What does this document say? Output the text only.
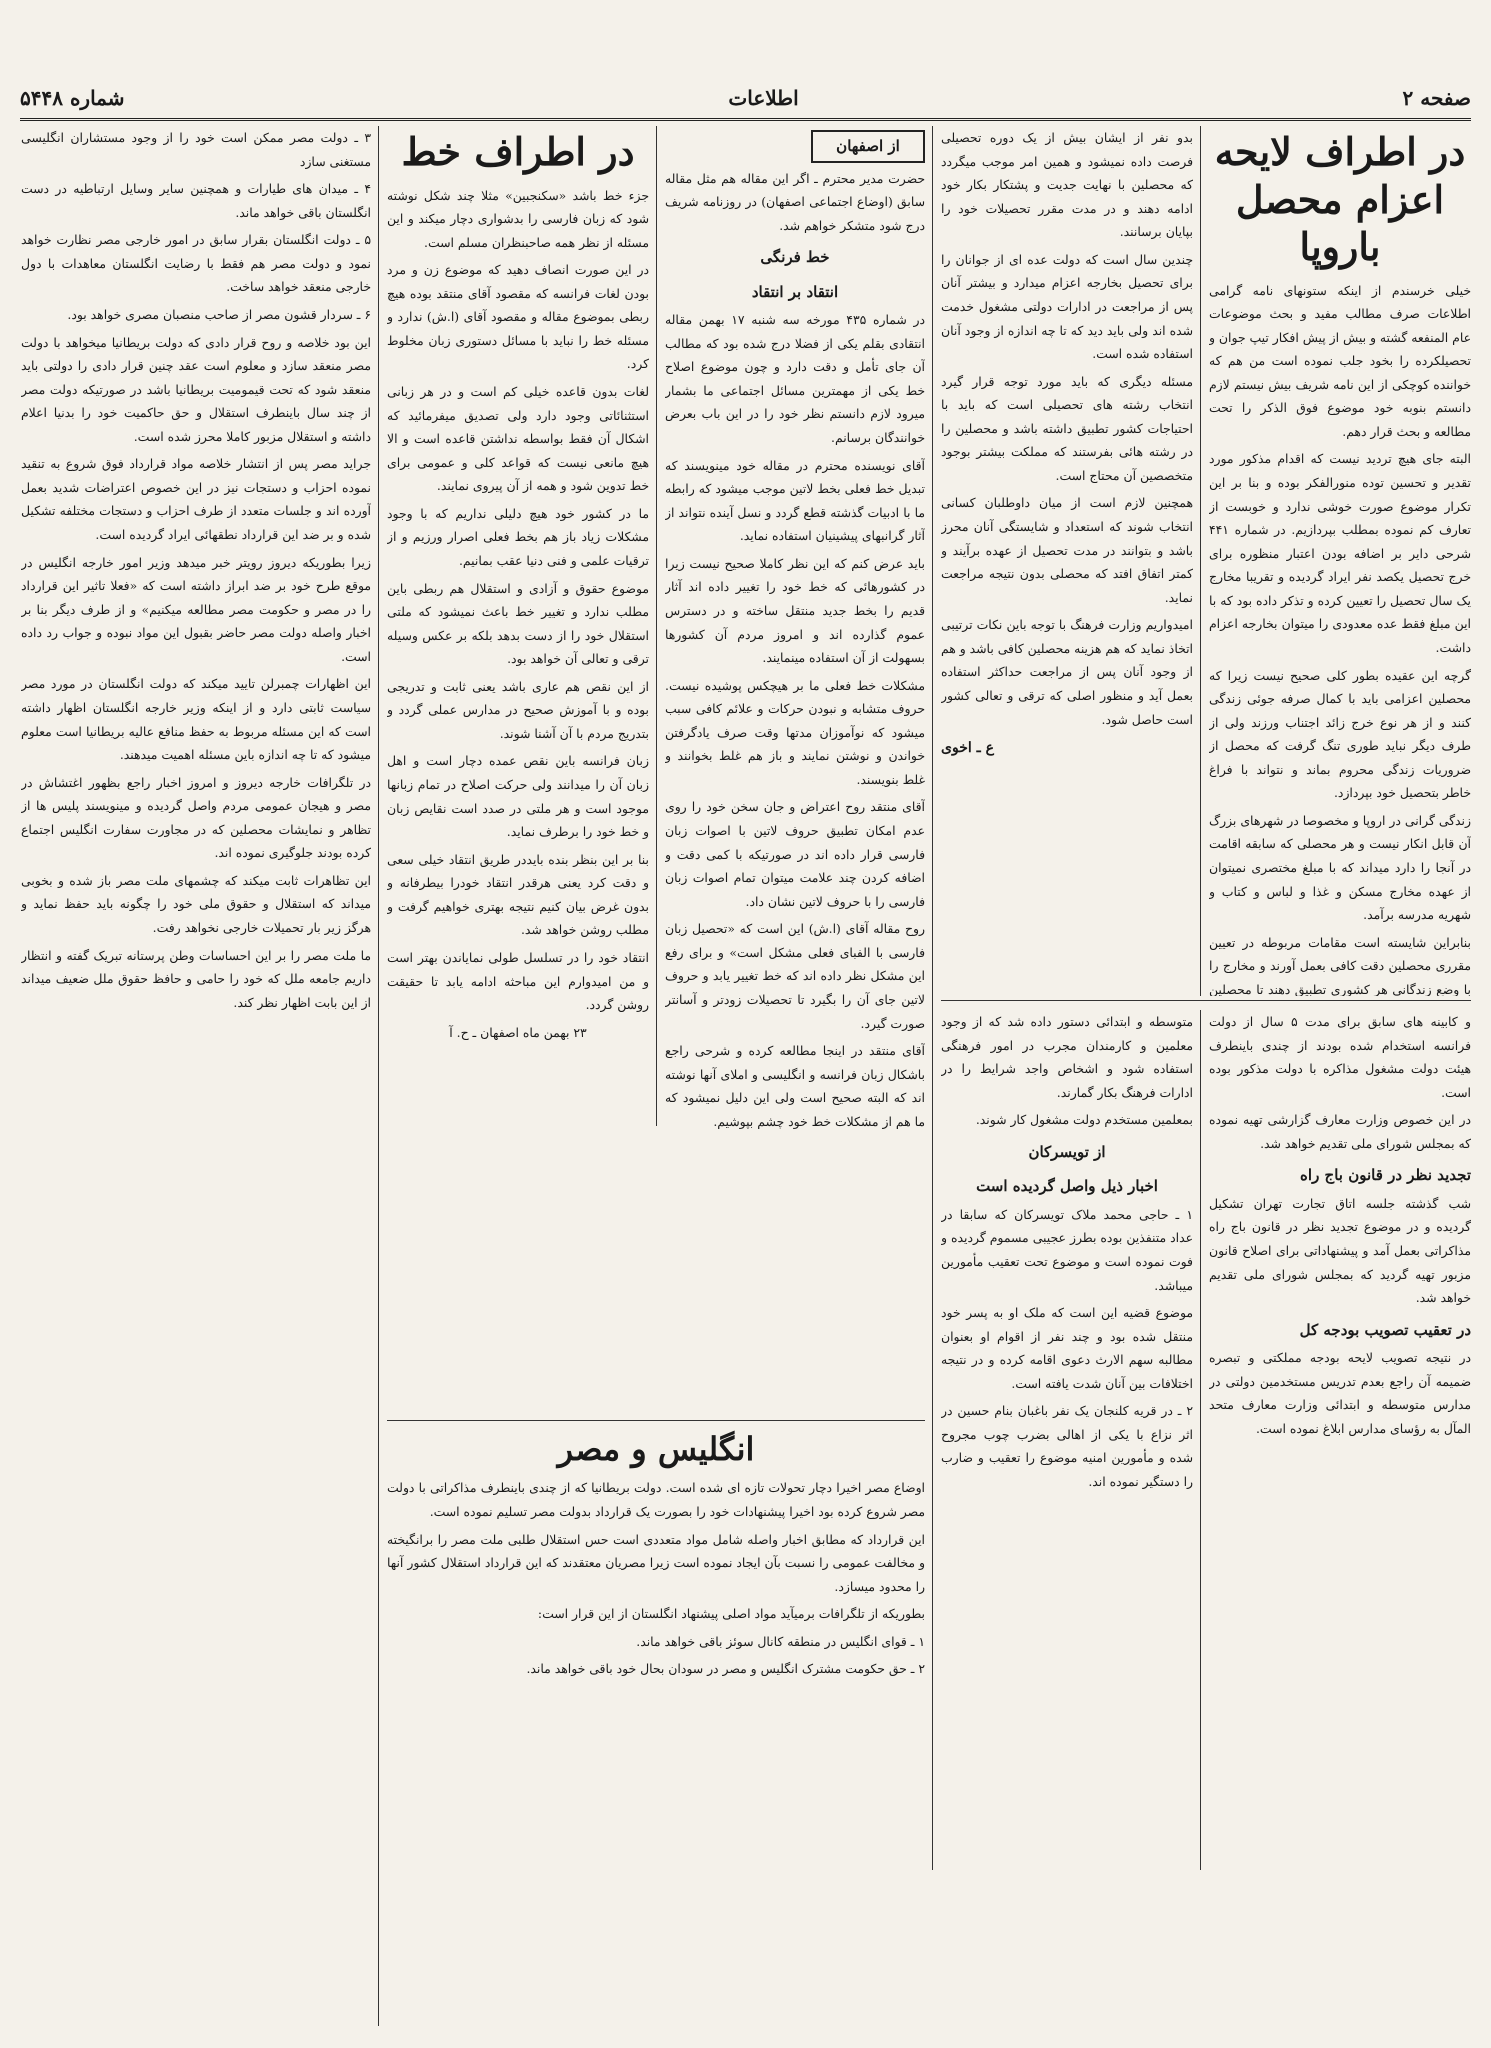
صفحه ۲
اطلاعات
شماره ۵۴۴۸
در اطراف لایحه اعزام محصل باروپا

خیلی خرسندم از اینکه ستونهای نامه گرامی اطلاعات صرف مطالب مفید و بحث موضوعات عام المنفعه گشته و بیش از پیش افکار تیپ جوان و تحصیلکرده را بخود جلب نموده است من هم که خواننده کوچکی از این نامه شریف بیش نیستم لازم دانستم بنوبه خود موضوع فوق الذکر را تحت مطالعه و بحث قرار دهم.

البته جای هیچ تردید نیست که اقدام مذکور مورد تقدیر و تحسین توده منورالفکر بوده و بنا بر این تکرار موضوع صورت خوشی ندارد و خوبست از تعارف کم نموده بمطلب بپردازیم. در شماره ۴۴۱ شرحی دایر بر اضافه بودن اعتبار منظوره برای خرج تحصیل یکصد نفر ایراد گردیده و تقریبا مخارج یک سال تحصیل را تعیین کرده و تذکر داده بود که با این مبلغ فقط عده معدودی را میتوان بخارجه اعزام داشت.

گرچه این عقیده بطور کلی صحیح نیست زیرا که محصلین اعزامی باید با کمال صرفه جوئی زندگی کنند و از هر نوع خرج زائد اجتناب ورزند ولی از طرف دیگر نباید طوری تنگ گرفت که محصل از ضروریات زندگی محروم بماند و نتواند با فراغ خاطر بتحصیل خود بپردازد.

زندگی گرانی در اروپا و مخصوصا در شهرهای بزرگ آن قابل انکار نیست و هر محصلی که سابقه اقامت در آنجا را دارد میداند که با مبلغ مختصری نمیتوان از عهده مخارج مسکن و غذا و لباس و کتاب و شهریه مدرسه برآمد.

بنابراین شایسته است مقامات مربوطه در تعیین مقرری محصلین دقت کافی بعمل آورند و مخارج را با وضع زندگانی هر کشوری تطبیق دهند تا محصلین

بدو نفر از ایشان بیش از یک دوره تحصیلی فرصت داده نمیشود و همین امر موجب میگردد که محصلین با نهایت جدیت و پشتکار بکار خود ادامه دهند و در مدت مقرر تحصیلات خود را بپایان برسانند.

چندین سال است که دولت عده ای از جوانان را برای تحصیل بخارجه اعزام میدارد و بیشتر آنان پس از مراجعت در ادارات دولتی مشغول خدمت شده اند ولی باید دید که تا چه اندازه از وجود آنان استفاده شده است.

مسئله دیگری که باید مورد توجه قرار گیرد انتخاب رشته های تحصیلی است که باید با احتیاجات کشور تطبیق داشته باشد و محصلین را در رشته هائی بفرستند که مملکت بیشتر بوجود متخصصین آن محتاج است.

همچنین لازم است از میان داوطلبان کسانی انتخاب شوند که استعداد و شایستگی آنان محرز باشد و بتوانند در مدت تحصیل از عهده برآیند و کمتر اتفاق افتد که محصلی بدون نتیجه مراجعت نماید.

امیدواریم وزارت فرهنگ با توجه باین نکات ترتیبی اتخاذ نماید که هم هزینه محصلین کافی باشد و هم از وجود آنان پس از مراجعت حداکثر استفاده بعمل آید و منظور اصلی که ترقی و تعالی کشور است حاصل شود.

ع ـ اخوی
از اصفهان

حضرت مدیر محترم ـ اگر این مقاله هم مثل مقاله سابق (اوضاع اجتماعی اصفهان) در روزنامه شریف درج شود متشکر خواهم شد.

خط فرنگی
انتقاد بر انتقاد

در شماره ۴۳۵ مورخه سه شنبه ۱۷ بهمن مقاله انتقادی بقلم یکی از فضلا درج شده بود که مطالب آن جای تأمل و دقت دارد و چون موضوع اصلاح خط یکی از مهمترین مسائل اجتماعی ما بشمار میرود لازم دانستم نظر خود را در این باب بعرض خوانندگان برسانم.

آقای نویسنده محترم در مقاله خود مینویسند که تبدیل خط فعلی بخط لاتین موجب میشود که رابطه ما با ادبیات گذشته قطع گردد و نسل آینده نتواند از آثار گرانبهای پیشینیان استفاده نماید.

باید عرض کنم که این نظر کاملا صحیح نیست زیرا در کشورهائی که خط خود را تغییر داده اند آثار قدیم را بخط جدید منتقل ساخته و در دسترس عموم گذارده اند و امروز مردم آن کشورها بسهولت از آن استفاده مینمایند.

مشکلات خط فعلی ما بر هیچکس پوشیده نیست. حروف متشابه و نبودن حرکات و علائم کافی سبب میشود که نوآموزان مدتها وقت صرف یادگرفتن خواندن و نوشتن نمایند و باز هم غلط بخوانند و غلط بنویسند.

آقای منتقد روح اعتراض و جان سخن خود را روی عدم امکان تطبیق حروف لاتین با اصوات زبان فارسی قرار داده اند در صورتیکه با کمی دقت و اضافه کردن چند علامت میتوان تمام اصوات زبان فارسی را با حروف لاتین نشان داد.

روح مقاله آقای (ا.ش) این است که «تحصیل زبان فارسی با الفبای فعلی مشکل است» و برای رفع این مشکل نظر داده اند که خط تغییر یابد و حروف لاتین جای آن را بگیرد تا تحصیلات زودتر و آسانتر صورت گیرد.

آقای منتقد در اینجا مطالعه کرده و شرحی راجع باشکال زبان فرانسه و انگلیسی و املای آنها نوشته اند که البته صحیح است ولی این دلیل نمیشود که ما هم از مشکلات خط خود چشم بپوشیم.

در اطراف خط

جزء خط باشد «سکنجبین» مثلا چند شکل نوشته شود که زبان فارسی را بدشواری دچار میکند و این مسئله از نظر همه صاحبنظران مسلم است.

در این صورت انصاف دهید که موضوع زن و مرد بودن لغات فرانسه که مقصود آقای منتقد بوده هیچ ربطی بموضوع مقاله و مقصود آقای (ا.ش) ندارد و مسئله خط را نباید با مسائل دستوری زبان مخلوط کرد.

لغات بدون قاعده خیلی کم است و در هر زبانی استثنائاتی وجود دارد ولی تصدیق میفرمائید که اشکال آن فقط بواسطه نداشتن قاعده است و الا هیچ مانعی نیست که قواعد کلی و عمومی برای خط تدوین شود و همه از آن پیروی نمایند.

ما در کشور خود هیچ دلیلی نداریم که با وجود مشکلات زیاد باز هم بخط فعلی اصرار ورزیم و از ترقیات علمی و فنی دنیا عقب بمانیم.

موضوع حقوق و آزادی و استقلال هم ربطی باین مطلب ندارد و تغییر خط باعث نمیشود که ملتی استقلال خود را از دست بدهد بلکه بر عکس وسیله ترقی و تعالی آن خواهد بود.

از این نقص هم عاری باشد یعنی ثابت و تدریجی بوده و با آموزش صحیح در مدارس عملی گردد و بتدریج مردم با آن آشنا شوند.

زبان فرانسه باین نقص عمده دچار است و اهل زبان آن را میدانند ولی حرکت اصلاح در تمام زبانها موجود است و هر ملتی در صدد است نقایص زبان و خط خود را برطرف نماید.

بنا بر این بنظر بنده بایددر طریق انتقاد خیلی سعی و دقت کرد یعنی هرقدر انتقاد خودرا بیطرفانه و بدون غرض بیان کنیم نتیجه بهتری خواهیم گرفت و مطلب روشن خواهد شد.

انتقاد خود را در تسلسل طولی نمایاندن بهتر است و من امیدوارم این مباحثه ادامه یابد تا حقیقت روشن گردد.

۲۳ بهمن ماه اصفهان ـ ح. آ

۳ ـ دولت مصر ممکن است خود را از وجود مستشاران انگلیسی مستغنی سازد

۴ ـ میدان های طیارات و همچنین سایر وسایل ارتباطیه در دست انگلستان باقی خواهد ماند.

۵ ـ دولت انگلستان بقرار سابق در امور خارجی مصر نظارت خواهد نمود و دولت مصر هم فقط با رضایت انگلستان معاهدات با دول خارجی منعقد خواهد ساخت.

۶ ـ سردار قشون مصر از صاحب منصبان مصری خواهد بود.

این بود خلاصه و روح قرار دادی که دولت بریطانیا میخواهد با دولت مصر منعقد سازد و معلوم است عقد چنین قرار دادی را دولتی باید منعقد شود که تحت قیمومیت بریطانیا باشد در صورتیکه دولت مصر از چند سال باینطرف استقلال و حق حاکمیت خود را بدنیا اعلام داشته و استقلال مزبور کاملا محرز شده است.

جراید مصر پس از انتشار خلاصه مواد قرارداد فوق شروع به تنقید نموده احزاب و دستجات نیز در این خصوص اعتراضات شدید بعمل آورده اند و جلسات متعدد از طرف احزاب و دستجات مختلفه تشکیل شده و بر ضد این قرارداد نطقهائی ایراد گردیده است.

زیرا بطوریکه دیروز رویتر خبر میدهد وزیر امور خارجه انگلیس در موقع طرح خود بر ضد ابراز داشته است که «فعلا تاثیر این قرارداد را در مصر و حکومت مصر مطالعه میکنیم» و از طرف دیگر بنا بر اخبار واصله دولت مصر حاضر بقبول این مواد نبوده و جواب رد داده است.

این اظهارات چمبرلن تایید میکند که دولت انگلستان در مورد مصر سیاست ثابتی دارد و از اینکه وزیر خارجه انگلستان اظهار داشته است که این مسئله مربوط به حفظ منافع عالیه بریطانیا است معلوم میشود که تا چه اندازه باین مسئله اهمیت میدهند.

در تلگرافات خارجه دیروز و امروز اخبار راجع بظهور اغتشاش در مصر و هیجان عمومی مردم واصل گردیده و مینویسند پلیس ها از تظاهر و نمایشات محصلین که در مجاورت سفارت انگلیس اجتماع کرده بودند جلوگیری نموده اند.

این تظاهرات ثابت میکند که چشمهای ملت مصر باز شده و بخوبی میداند که استقلال و حقوق ملی خود را چگونه باید حفظ نماید و هرگز زیر بار تحمیلات خارجی نخواهد رفت.

ما ملت مصر را بر این احساسات وطن پرستانه تبریک گفته و انتظار داریم جامعه ملل که خود را حامی و حافظ حقوق ملل ضعیف میداند از این بابت اظهار نظر کند.

متوسطه و ابتدائی دستور داده شد که از وجود معلمین و کارمندان مجرب در امور فرهنگی استفاده شود و اشخاص واجد شرایط را در ادارات فرهنگ بکار گمارند.

بمعلمین مستخدم دولت مشغول کار شوند.

از تویسرکان
اخبار ذیل واصل گردیده است

۱ ـ حاجی محمد ملاک تویسرکان که سابقا در عداد متنفذین بوده بطرز عجیبی مسموم گردیده و فوت نموده است و موضوع تحت تعقیب مأمورین میباشد.

موضوع قضیه این است که ملک او به پسر خود منتقل شده بود و چند نفر از اقوام او بعنوان مطالبه سهم الارث دعوی اقامه کرده و در نتیجه اختلافات بین آنان شدت یافته است.

۲ ـ در قریه کلنجان یک نفر باغبان بنام حسین در اثر نزاع با یکی از اهالی بضرب چوب مجروح شده و مأمورین امنیه موضوع را تعقیب و ضارب را دستگیر نموده اند.

و کابینه های سابق برای مدت ۵ سال از دولت فرانسه استخدام شده بودند از چندی باینطرف هیئت دولت مشغول مذاکره با دولت مذکور بوده است.

در این خصوص وزارت معارف گزارشی تهیه نموده که بمجلس شورای ملی تقدیم خواهد شد.

تجدید نظر در قانون باج راه

شب گذشته جلسه اتاق تجارت تهران تشکیل گردیده و در موضوع تجدید نظر در قانون باج راه مذاکراتی بعمل آمد و پیشنهاداتی برای اصلاح قانون مزبور تهیه گردید که بمجلس شورای ملی تقدیم خواهد شد.

در تعقیب تصویب بودجه کل

در نتیجه تصویب لایحه بودجه مملکتی و تبصره ضمیمه آن راجع بعدم تدریس مستخدمین دولتی در مدارس متوسطه و ابتدائی وزارت معارف متحد المآل به رؤسای مدارس ابلاغ نموده است.

انگلیس و مصر

اوضاع مصر اخیرا دچار تحولات تازه ای شده است. دولت بریطانیا که از چندی باینطرف مذاکراتی با دولت مصر شروع کرده بود اخیرا پیشنهادات خود را بصورت یک قرارداد بدولت مصر تسلیم نموده است.

این قرارداد که مطابق اخبار واصله شامل مواد متعددی است حس استقلال طلبی ملت مصر را برانگیخته و مخالفت عمومی را نسبت بآن ایجاد نموده است زیرا مصریان معتقدند که این قرارداد استقلال کشور آنها را محدود میسازد.

بطوریکه از تلگرافات برمیآید مواد اصلی پیشنهاد انگلستان از این قرار است:

۱ ـ قوای انگلیس در منطقه کانال سوئز باقی خواهد ماند.

۲ ـ حق حکومت مشترک انگلیس و مصر در سودان بحال خود باقی خواهد ماند.
